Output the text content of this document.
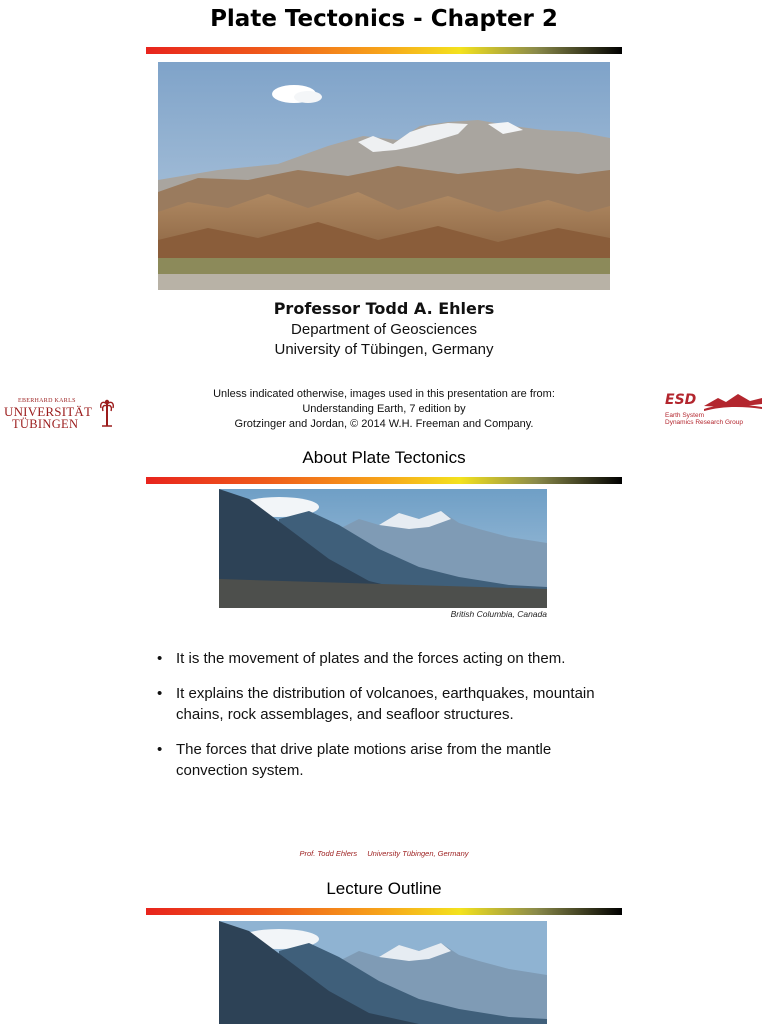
Plate Tectonics - Chapter 2
Professor Todd A. Ehlers
Department of Geosciences
University of Tübingen, Germany
Unless indicated otherwise, images used in this presentation are from:
Understanding Earth, 7 edition by
Grotzinger and Jordan, © 2014 W.H. Freeman and Company.
EBERHARD KARLS
UNIVERSITÄT
TÜBINGEN
ESD
Earth System
Dynamics Research Group
About Plate Tectonics
British Columbia, Canada
• It is the movement of plates and the forces acting on them.
• It explains the distribution of volcanoes, earthquakes, mountain chains, rock assemblages, and seafloor structures.
• The forces that drive plate motions arise from the mantle convection system.
Prof. Todd Ehlers University Tübingen, Germany
Lecture Outline
